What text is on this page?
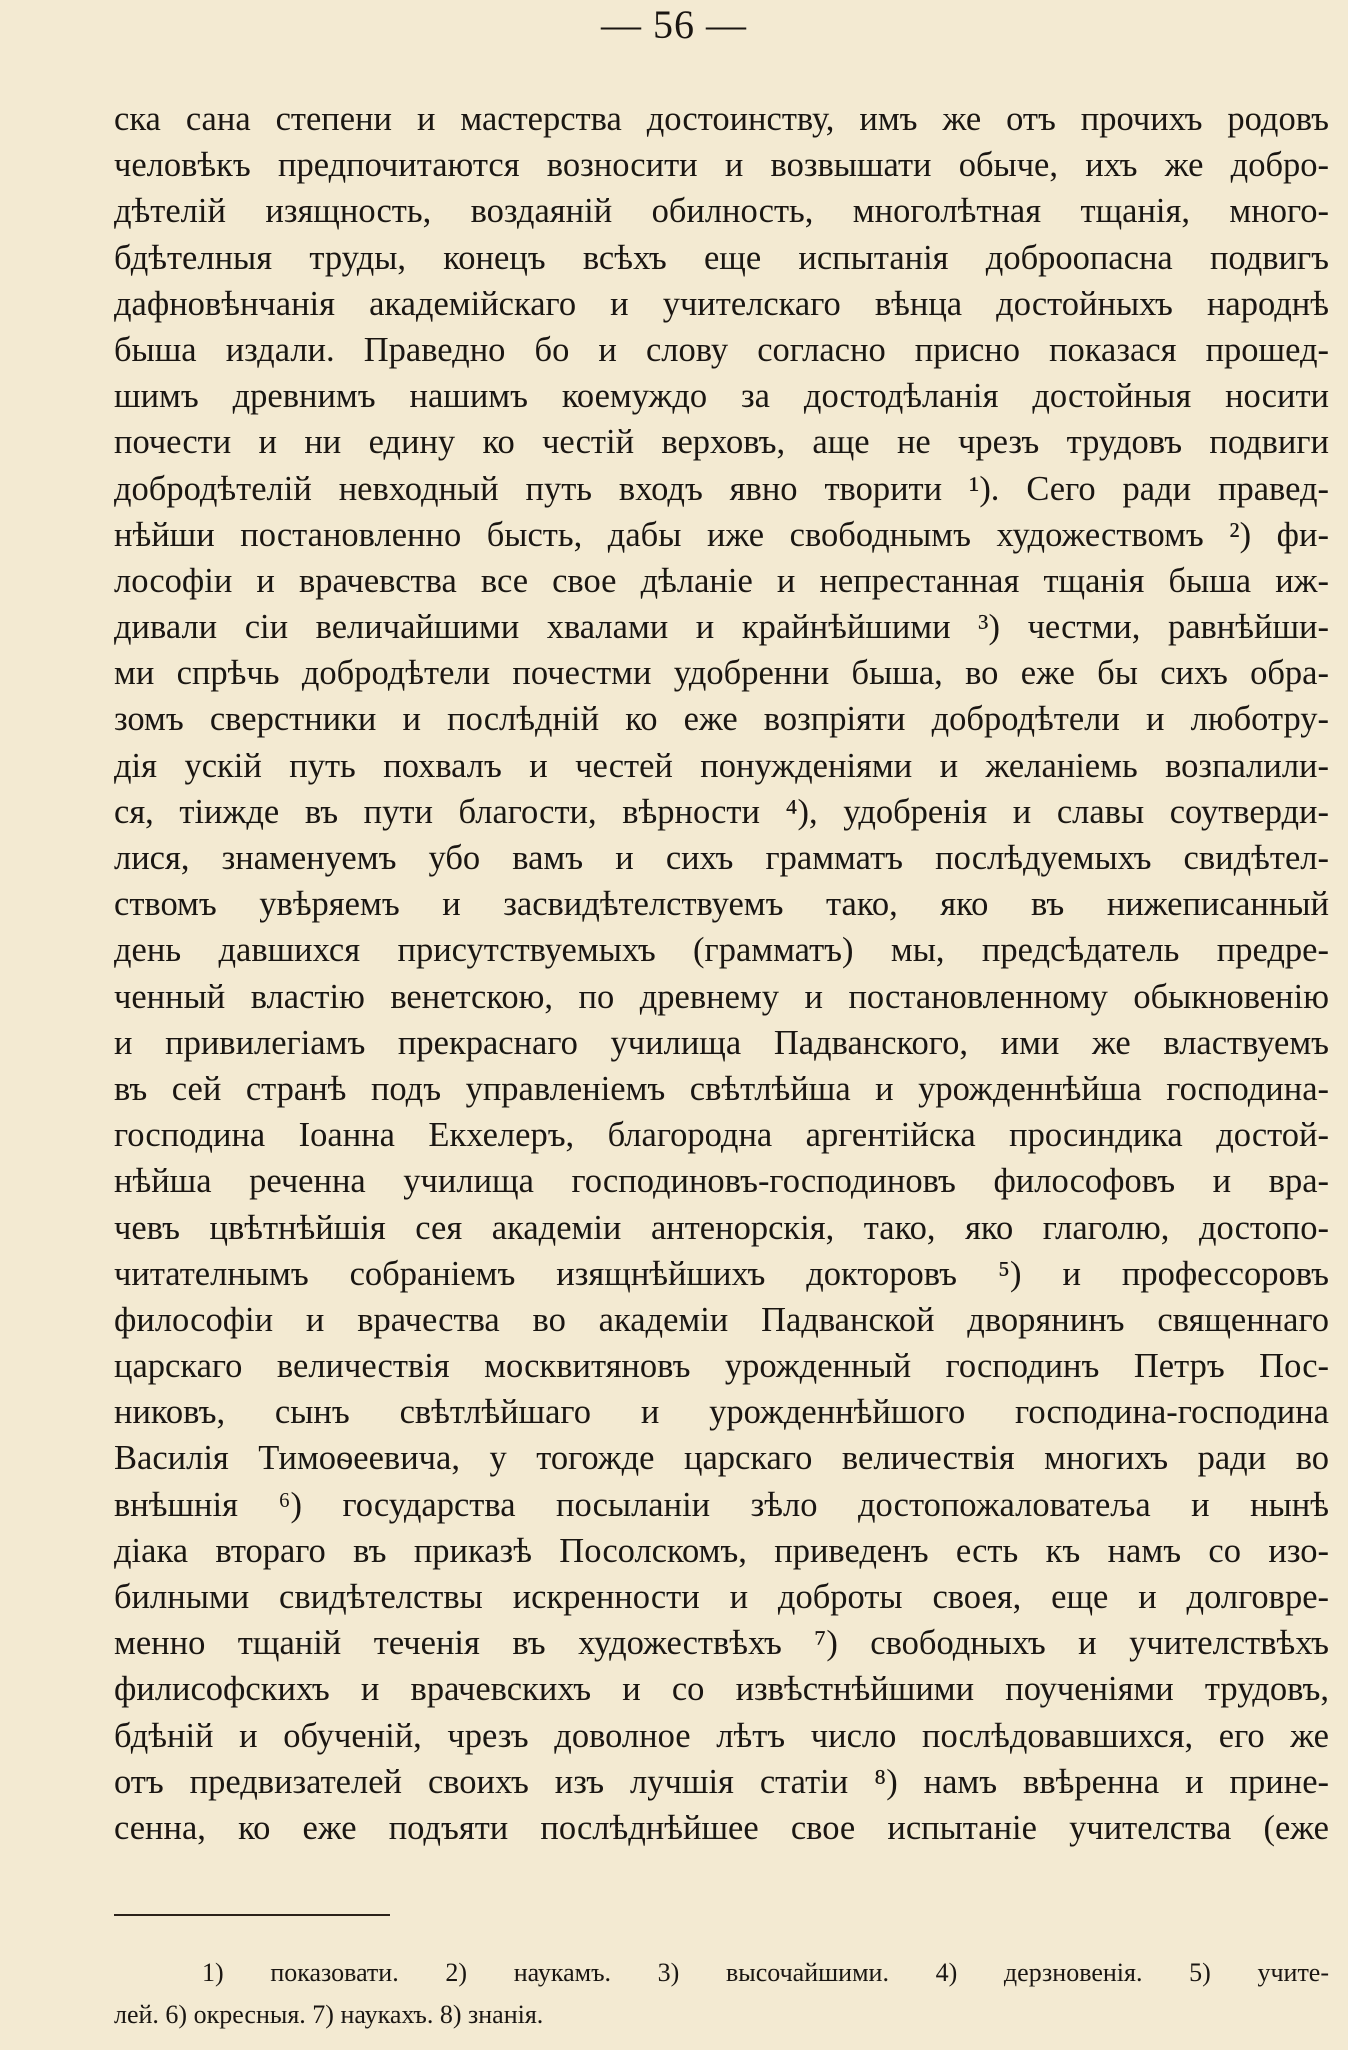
— 56 —
ска сана степени и мастерства достоинству, имъ же отъ прочихъ родовъ
человѣкъ предпочитаются возносити и возвышати обыче, ихъ же добро-
дѣтелій изящность, воздаяній обилность, многолѣтная тщанія, много-
бдѣтелныя труды, конецъ всѣхъ еще испытанія доброопасна подвигъ
дафновѣнчанія академійскаго и учителскаго вѣнца достойныхъ народнѣ
быша издали. Праведно бо и слову согласно присно показася прошед-
шимъ древнимъ нашимъ коемуждо за достодѣланія достойныя носити
почести и ни едину ко честій верховъ, аще не чрезъ трудовъ подвиги
добродѣтелій невходный путь входъ явно творити ¹). Сего ради правед-
нѣйши постановленно бысть, дабы иже свободнымъ художествомъ ²) фи-
лософіи и врачевства все свое дѣланіе и непрестанная тщанія быша иж-
дивали сіи величайшими хвалами и крайнѣйшими ³) честми, равнѣйши-
ми спрѣчь добродѣтели почестми удобренни быша, во еже бы сихъ обра-
зомъ сверстники и послѣдній ко еже возпріяти добродѣтели и люботру-
дія ускій путь похвалъ и честей понужденіями и желаніемь возпалили-
ся, тіижде въ пути благости, вѣрности ⁴), удобренія и славы соутверди-
лися, знаменуемъ убо вамъ и сихъ грамматъ послѣдуемыхъ свидѣтел-
ствомъ увѣряемъ и засвидѣтелствуемъ тако, яко въ нижеписанный
день давшихся присутствуемыхъ (грамматъ) мы, предсѣдатель предре-
ченный властію венетскою, по древнему и постановленному обыкновенію
и привилегіамъ прекраснаго училища Падванского, ими же властвуемъ
въ сей странѣ подъ управленіемъ свѣтлѣйша и урожденнѣйша господина-
господина Іоанна Екхелеръ, благородна аргентійска просиндика достой-
нѣйша реченна училища господиновъ-господиновъ философовъ и вра-
чевъ цвѣтнѣйшія сея академіи антенорскія, тако, яко глаголю, достопо-
читателнымъ собраніемъ изящнѣйшихъ докторовъ ⁵) и профессоровъ
философіи и врачества во академіи Падванской дворянинъ священнаго
царскаго величествія москвитяновъ урожденный господинъ Петръ Пос-
никовъ, сынъ свѣтлѣйшаго и урожденнѣйшого господина-господина
Василія Тимоѳеевича, у тогожде царскаго величествія многихъ ради во
внѣшнія ⁶) государства посыланіи зѣло достопожаловатеља и нынѣ
діака втораго въ приказѣ Посолскомъ, приведенъ есть къ намъ со изо-
билными свидѣтелствы искренности и доброты своея, еще и долговре-
менно тщаній теченія въ художествѣхъ ⁷) свободныхъ и учителствѣхъ
филисофскихъ и врачевскихъ и со извѣстнѣйшими поученіями трудовъ,
бдѣній и обученій, чрезъ доволное лѣтъ число послѣдовавшихся, его же
отъ предвизателей своихъ изъ лучшія статіи ⁸) намъ ввѣренна и прине-
сенна, ко еже подъяти послѣднѣйшее свое испытаніе учителства (еже
1) показовати. 2) наукамъ. 3) высочайшими. 4) дерзновенія. 5) учите-
лей. 6) окресныя. 7) наукахъ. 8) знанія.
